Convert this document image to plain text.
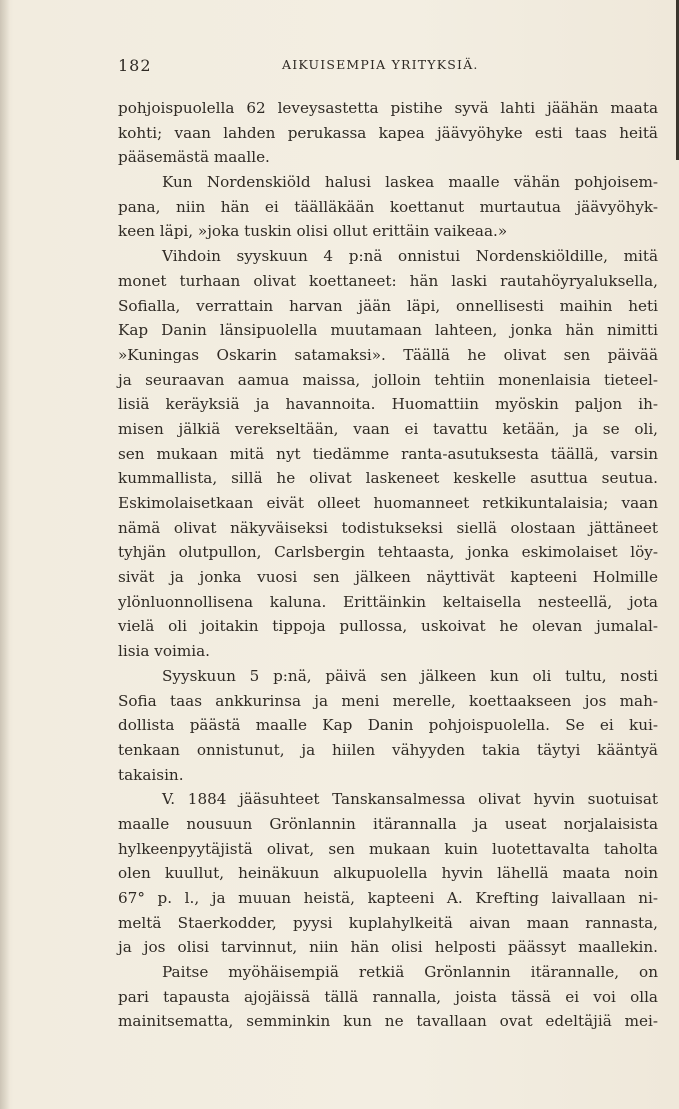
182	AIKUISEMPIA YRITYKSIÄ.
pohjoispuolella 62 leveysastetta pistihe syvä lahti jäähän maata
kohti; vaan lahden perukassa kapea jäävyöhyke esti taas heitä
pääsemästä maalle.
Kun Nordenskiöld halusi laskea maalle vähän pohjoisem-
pana, niin hän ei täälläkään koettanut murtautua jäävyöhyk-
keen läpi, »joka tuskin olisi ollut erittäin vaikeaa.»
Vihdoin syyskuun 4 p:nä onnistui Nordenskiöldille, mitä
monet turhaan olivat koettaneet: hän laski rautahöyryaluksella,
Sofialla, verrattain harvan jään läpi, onnellisesti maihin heti
Kap Danin länsipuolella muutamaan lahteen, jonka hän nimitti
»Kuningas Oskarin satamaksi». Täällä he olivat sen päivää
ja seuraavan aamua maissa, jolloin tehtiin monenlaisia tieteel-
lisiä keräyksiä ja havannoita. Huomattiin myöskin paljon ih-
misen jälkiä verekseltään, vaan ei tavattu ketään, ja se oli,
sen mukaan mitä nyt tiedämme ranta-asutuksesta täällä, varsin
kummallista, sillä he olivat laskeneet keskelle asuttua seutua.
Eskimolaisetkaan eivät olleet huomanneet retkikuntalaisia; vaan
nämä olivat näkyväiseksi todistukseksi siellä olostaan jättäneet
tyhjän olutpullon, Carlsbergin tehtaasta, jonka eskimolaiset löy-
sivät ja jonka vuosi sen jälkeen näyttivät kapteeni Holmille
ylönluonnollisena kaluna. Erittäinkin keltaisella nesteellä, jota
vielä oli joitakin tippoja pullossa, uskoivat he olevan jumalal-
lisia voimia.
Syyskuun 5 p:nä, päivä sen jälkeen kun oli tultu, nosti
Sofia taas ankkurinsa ja meni merelle, koettaakseen jos mah-
dollista päästä maalle Kap Danin pohjoispuolella. Se ei kui-
tenkaan onnistunut, ja hiilen vähyyden takia täytyi kääntyä
takaisin.
V. 1884 jääsuhteet Tanskansalmessa olivat hyvin suotuisat
maalle nousuun Grönlannin itärannalla ja useat norjalaisista
hylkeenpyytäjistä olivat, sen mukaan kuin luotettavalta taholta
olen kuullut, heinäkuun alkupuolella hyvin lähellä maata noin
67° p. l., ja muuan heistä, kapteeni A. Krefting laivallaan ni-
meltä Staerkodder, pyysi kuplahylkeitä aivan maan rannasta,
ja jos olisi tarvinnut, niin hän olisi helposti päässyt maallekin.
Paitse myöhäisempiä retkiä Grönlannin itärannalle, on
pari tapausta ajojäissä tällä rannalla, joista tässä ei voi olla
mainitsematta, semminkin kun ne tavallaan ovat edeltäjiä mei-
